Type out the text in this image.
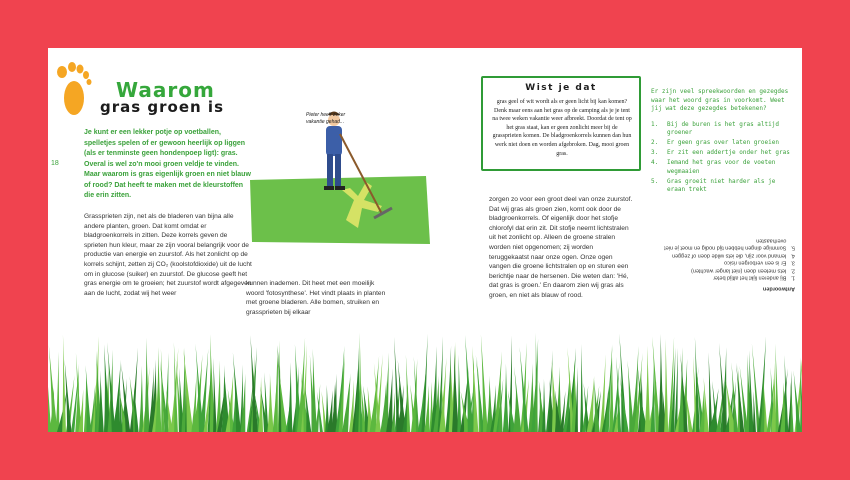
Waarom
gras groen is
18
Je kunt er een lekker potje op voetballen, spelletjes spelen of er gewoon heerlijk op liggen (als er tenminste geen hondenpoep ligt): gras. Overal is wel zo'n mooi groen veldje te vinden. Maar waarom is gras eigenlijk groen en niet blauw of rood? Dat heeft te maken met de kleurstoffen die erin zitten.
Grassprieten zijn, net als de bladeren van bijna alle andere planten, groen. Dat komt omdat er bladgroenkorrels in zitten. Deze korrels geven de sprieten hun kleur, maar ze zijn vooral belangrijk voor de productie van energie en zuurstof. Als het zonlicht op de korrels schijnt, zetten zij CO₂ (koolstofdioxide) uit de lucht om in glucose (suiker) en zuurstof. De glucose geeft het gras energie om te groeien; het zuurstof wordt afgegeven aan de lucht, zodat wij het weer
kunnen inademen. Dit heet met een moeilijk woord 'fotosynthese'. Het vindt plaats in planten met groene bladeren. Alle bomen, struiken en grassprieten bij elkaar
zorgen zo voor een groot deel van onze zuurstof.
Dat wij gras als groen zien, komt ook door de bladgroenkorrels. Of eigenlijk door het stofje chlorofyl dat erin zit. Dit stofje neemt lichtstralen uit het zonlicht op. Alleen de groene stralen worden niet opgenomen; zij worden teruggekaatst naar onze ogen. Onze ogen vangen die groene lichtstralen op en sturen een berichtje naar de hersenen. Die weten dan: 'Hé, dat gras is groen.' En daarom zien wij gras als groen, en niet als blauw of rood.
Pieter heeft zeker vakantie gehad...
Wist je dat
gras geel of wit wordt als er geen licht bij kan komen? Denk maar eens aan het gras op de camping als je je tent na twee weken vakantie weer afbreekt. Doordat de tent op het gras staat, kan er geen zonlicht meer bij de grassprieten komen. De bladgroenkorrels kunnen dan hun werk niet doen en worden afgebroken. Dag, mooi groen gras.
Er zijn veel spreekwoorden en gezegdes waar het woord gras in voorkomt. Weet jij wat deze gezegdes betekenen?
1.	Bij de buren is het gras altijd groener
2.	Er geen gras over laten groeien
3.	Er zit een addertje onder het gras
4.	Iemand het gras voor de voeten wegmaaien
5.	Gras groeit niet harder als je eraan trekt
Antwoorden
1.
Bij anderen lijkt het altijd beter
2.
Iets meteen doen (niet langer wachten)
3.
Er is een verborgen risico
4.
Iemand voor zijn, die iets wilde doen of zeggen
5.
Sommige dingen hebben tijd nodig en moet je niet overhaasten
